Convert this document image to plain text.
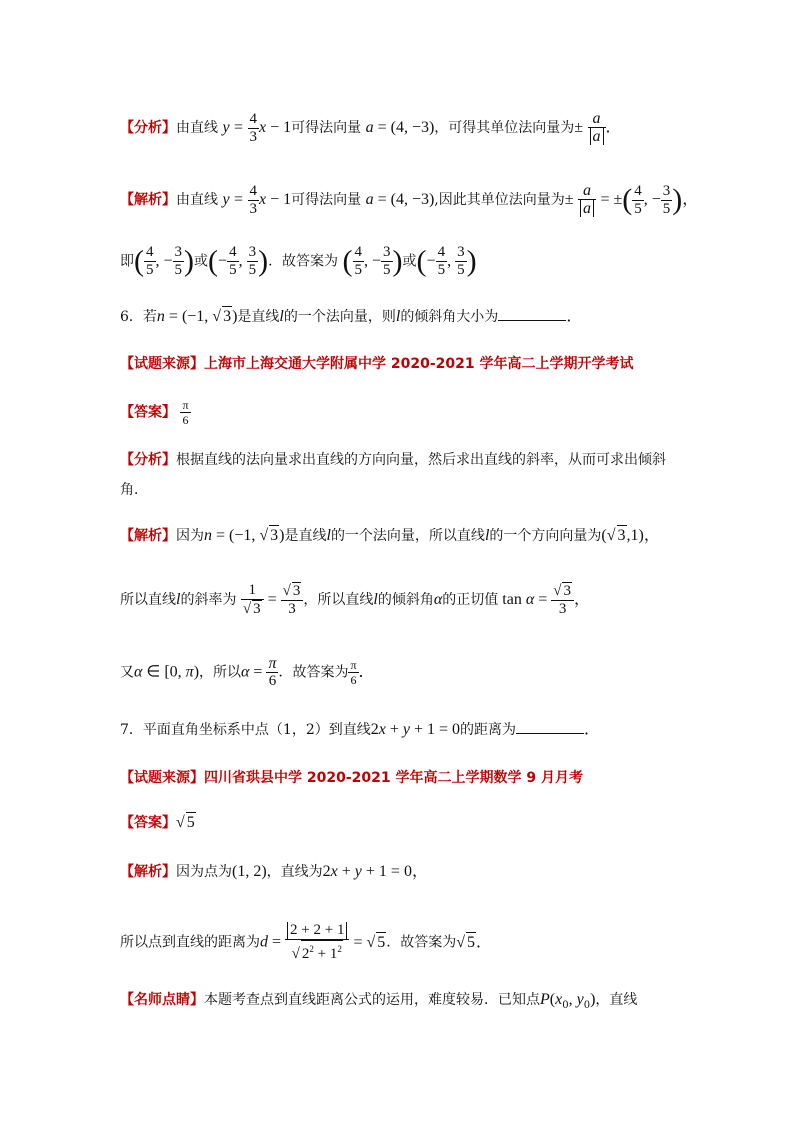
【分析】由直线 $y = \frac{4}{3}$ x − 1可得法向量 a = (4, −3)，可得其单位法向量为± $\frac{a}{a}$ ．
【解析】由直线 $y = \frac{4}{3}$ x − 1可得法向量 a = (4, −3),因此其单位法向量为± $\frac{a}{a}$ = ±( $\frac{4}{5}$ , − $\frac{3}{5}$ )，
即( $\frac{4}{5}$ , − $\frac{3}{5}$ )或(− $\frac{4}{5}$ , $\frac{3}{5}$ )．故答案为 ( $\frac{4}{5}$ , − $\frac{3}{5}$ )或(− $\frac{4}{5}$ , $\frac{3}{5}$ )
6．若n = (−1, √ 3)是直线l的一个法向量，则l的倾斜角大小为	．
【试题来源】上海市上海交通大学附属中学 2020-2021 学年高二上学期开学考试
【答案】 $\frac{\pi}{6}$
【分析】根据直线的法向量求出直线的方向向量，然后求出直线的斜率，从而可求出倾斜
角．
【解析】因为n = (−1, √ 3)是直线l的一个法向量，所以直线l的一个方向向量为(√ 3,1)，
所以直线l的斜率为 $\frac{1}{√ 3} = \frac{√ 3}{3}$ ，所以直线l的倾斜角α的正切值 $\tan \alpha = \frac{√ 3}{3}$ ，
又α ∈ [0, π)，所以$\alpha = \frac{\pi}{6}$ ．故答案为 $\frac{\pi}{6}$ ．
7．平面直角坐标系中点（1，2）到直线2x + y + 1 = 0的距离为	．
【试题来源】四川省珙县中学 2020-2021 学年高二上学期数学 9 月月考
【答案】√ 5
【解析】因为点为(1, 2)，直线为2x + y + 1 = 0，
所以点到直线的距离为$d = \frac{2 + 2 + 1}{√ 2^2 + 1^2}$ = √ 5．故答案为√ 5．
【名师点睛】本题考查点到直线距离公式的运用，难度较易．已知点$P(x_0$, $y_0$)，直线
